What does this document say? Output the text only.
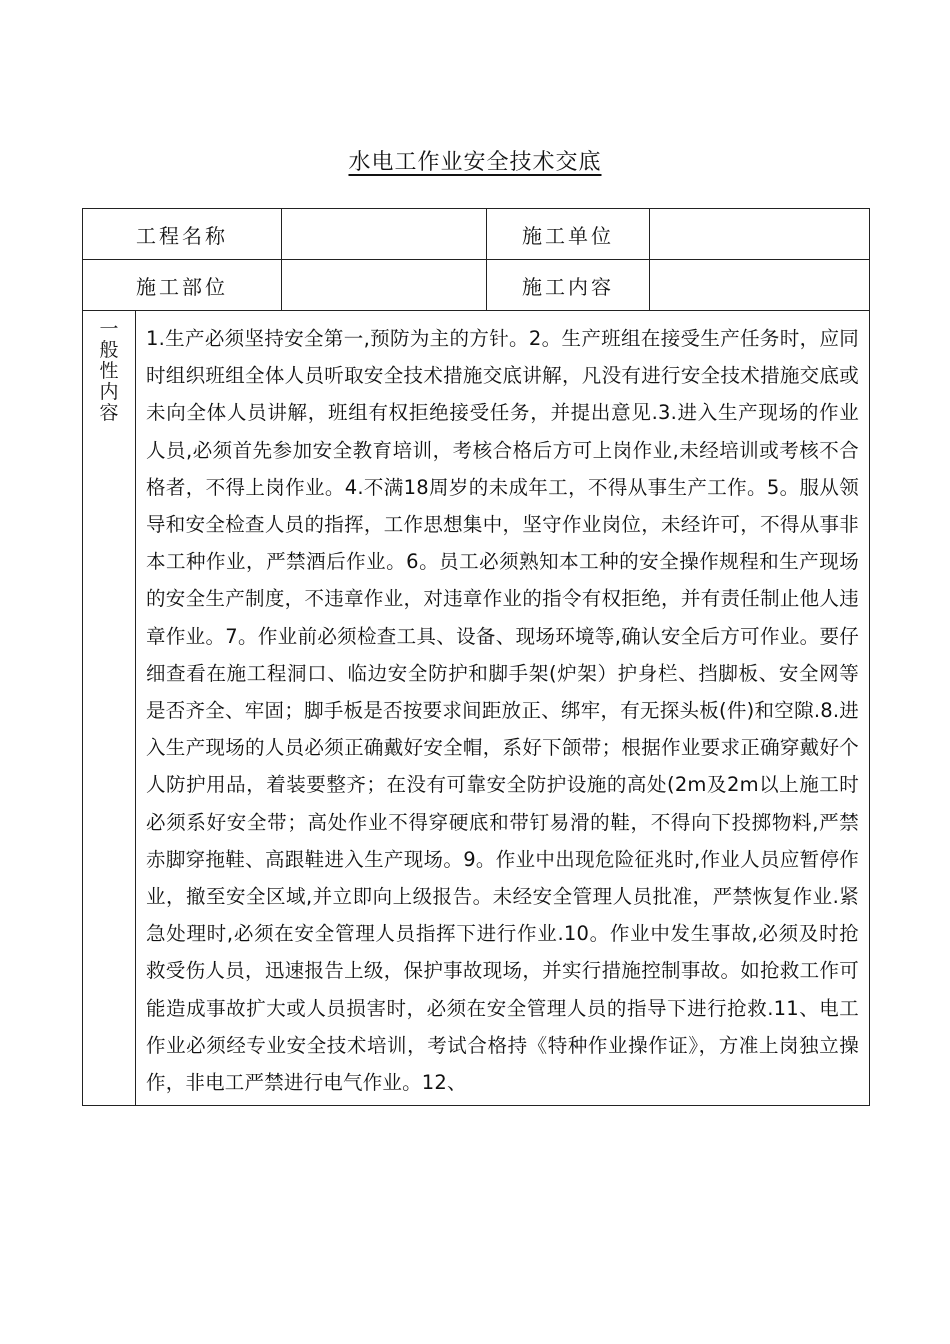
水电工作业安全技术交底
工程名称			施工单位	
施工部位			施工内容	
一般性内容	1.生产必须坚持安全第一,预防为主的方针。2。生产班组在接受生产任务时，应同时组织班组全体人员听取安全技术措施交底讲解，凡没有进行安全技术措施交底或未向全体人员讲解，班组有权拒绝接受任务，并提出意见.3.进入生产现场的作业人员,必须首先参加安全教育培训，考核合格后方可上岗作业,未经培训或考核不合格者，不得上岗作业。4.不满18周岁的未成年工，不得从事生产工作。5。服从领导和安全检查人员的指挥，工作思想集中，坚守作业岗位，未经许可，不得从事非本工种作业，严禁酒后作业。6。员工必须熟知本工种的安全操作规程和生产现场的安全生产制度，不违章作业，对违章作业的指令有权拒绝，并有责任制止他人违章作业。7。作业前必须检查工具、设备、现场环境等,确认安全后方可作业。要仔细查看在施工程洞口、临边安全防护和脚手架(炉架）护身栏、挡脚板、安全网等是否齐全、牢固；脚手板是否按要求间距放正、绑牢，有无探头板(件)和空隙.8.进入生产现场的人员必须正确戴好安全帽，系好下颌带；根据作业要求正确穿戴好个人防护用品，着装要整齐；在没有可靠安全防护设施的高处(2m及2m以上施工时必须系好安全带；高处作业不得穿硬底和带钉易滑的鞋，不得向下投掷物料,严禁赤脚穿拖鞋、高跟鞋进入生产现场。9。作业中出现危险征兆时,作业人员应暂停作业，撤至安全区域,并立即向上级报告。未经安全管理人员批准，严禁恢复作业.紧急处理时,必须在安全管理人员指挥下进行作业.10。作业中发生事故,必须及时抢救受伤人员，迅速报告上级，保护事故现场，并实行措施控制事故。如抢救工作可能造成事故扩大或人员损害时，必须在安全管理人员的指导下进行抢救.11、电工作业必须经专业安全技术培训，考试合格持《特种作业操作证》，方准上岗独立操作，非电工严禁进行电气作业。12、			
